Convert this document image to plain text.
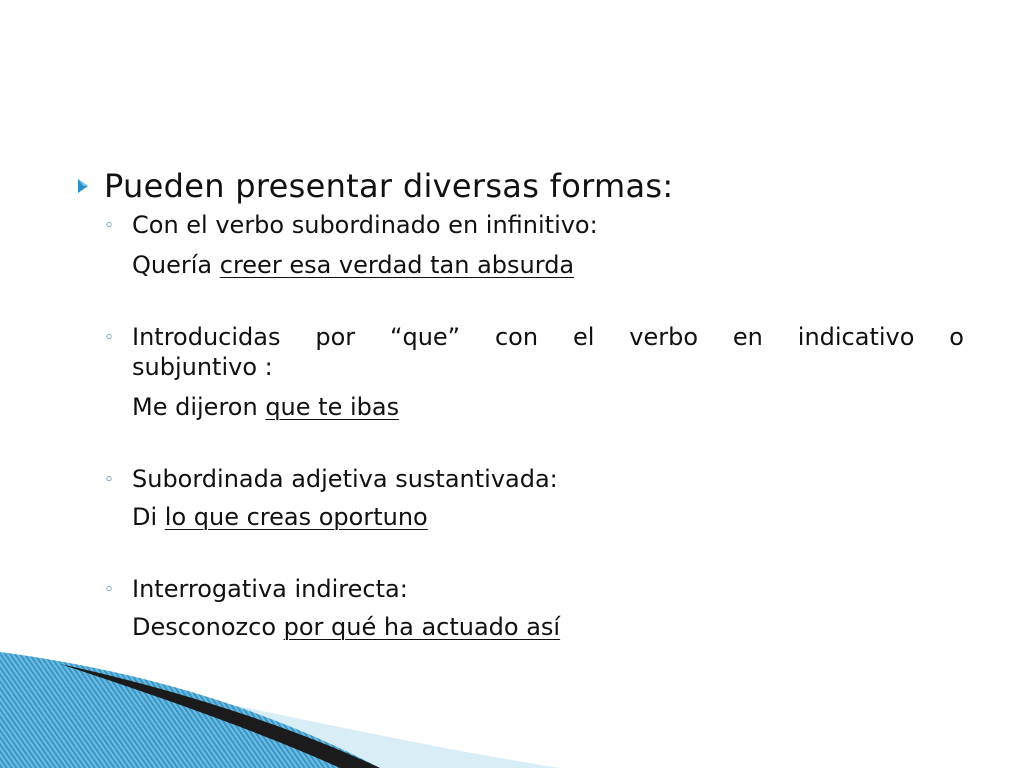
Pueden presentar diversas formas:
◦ Con el verbo subordinado en infinitivo:
Quería creer esa verdad tan absurda
◦ Introducidas por “que” con el verbo en indicativo o
subjuntivo :
Me dijeron que te ibas
◦ Subordinada adjetiva sustantivada:
Di lo que creas oportuno
◦ Interrogativa indirecta:
Desconozco por qué ha actuado así
